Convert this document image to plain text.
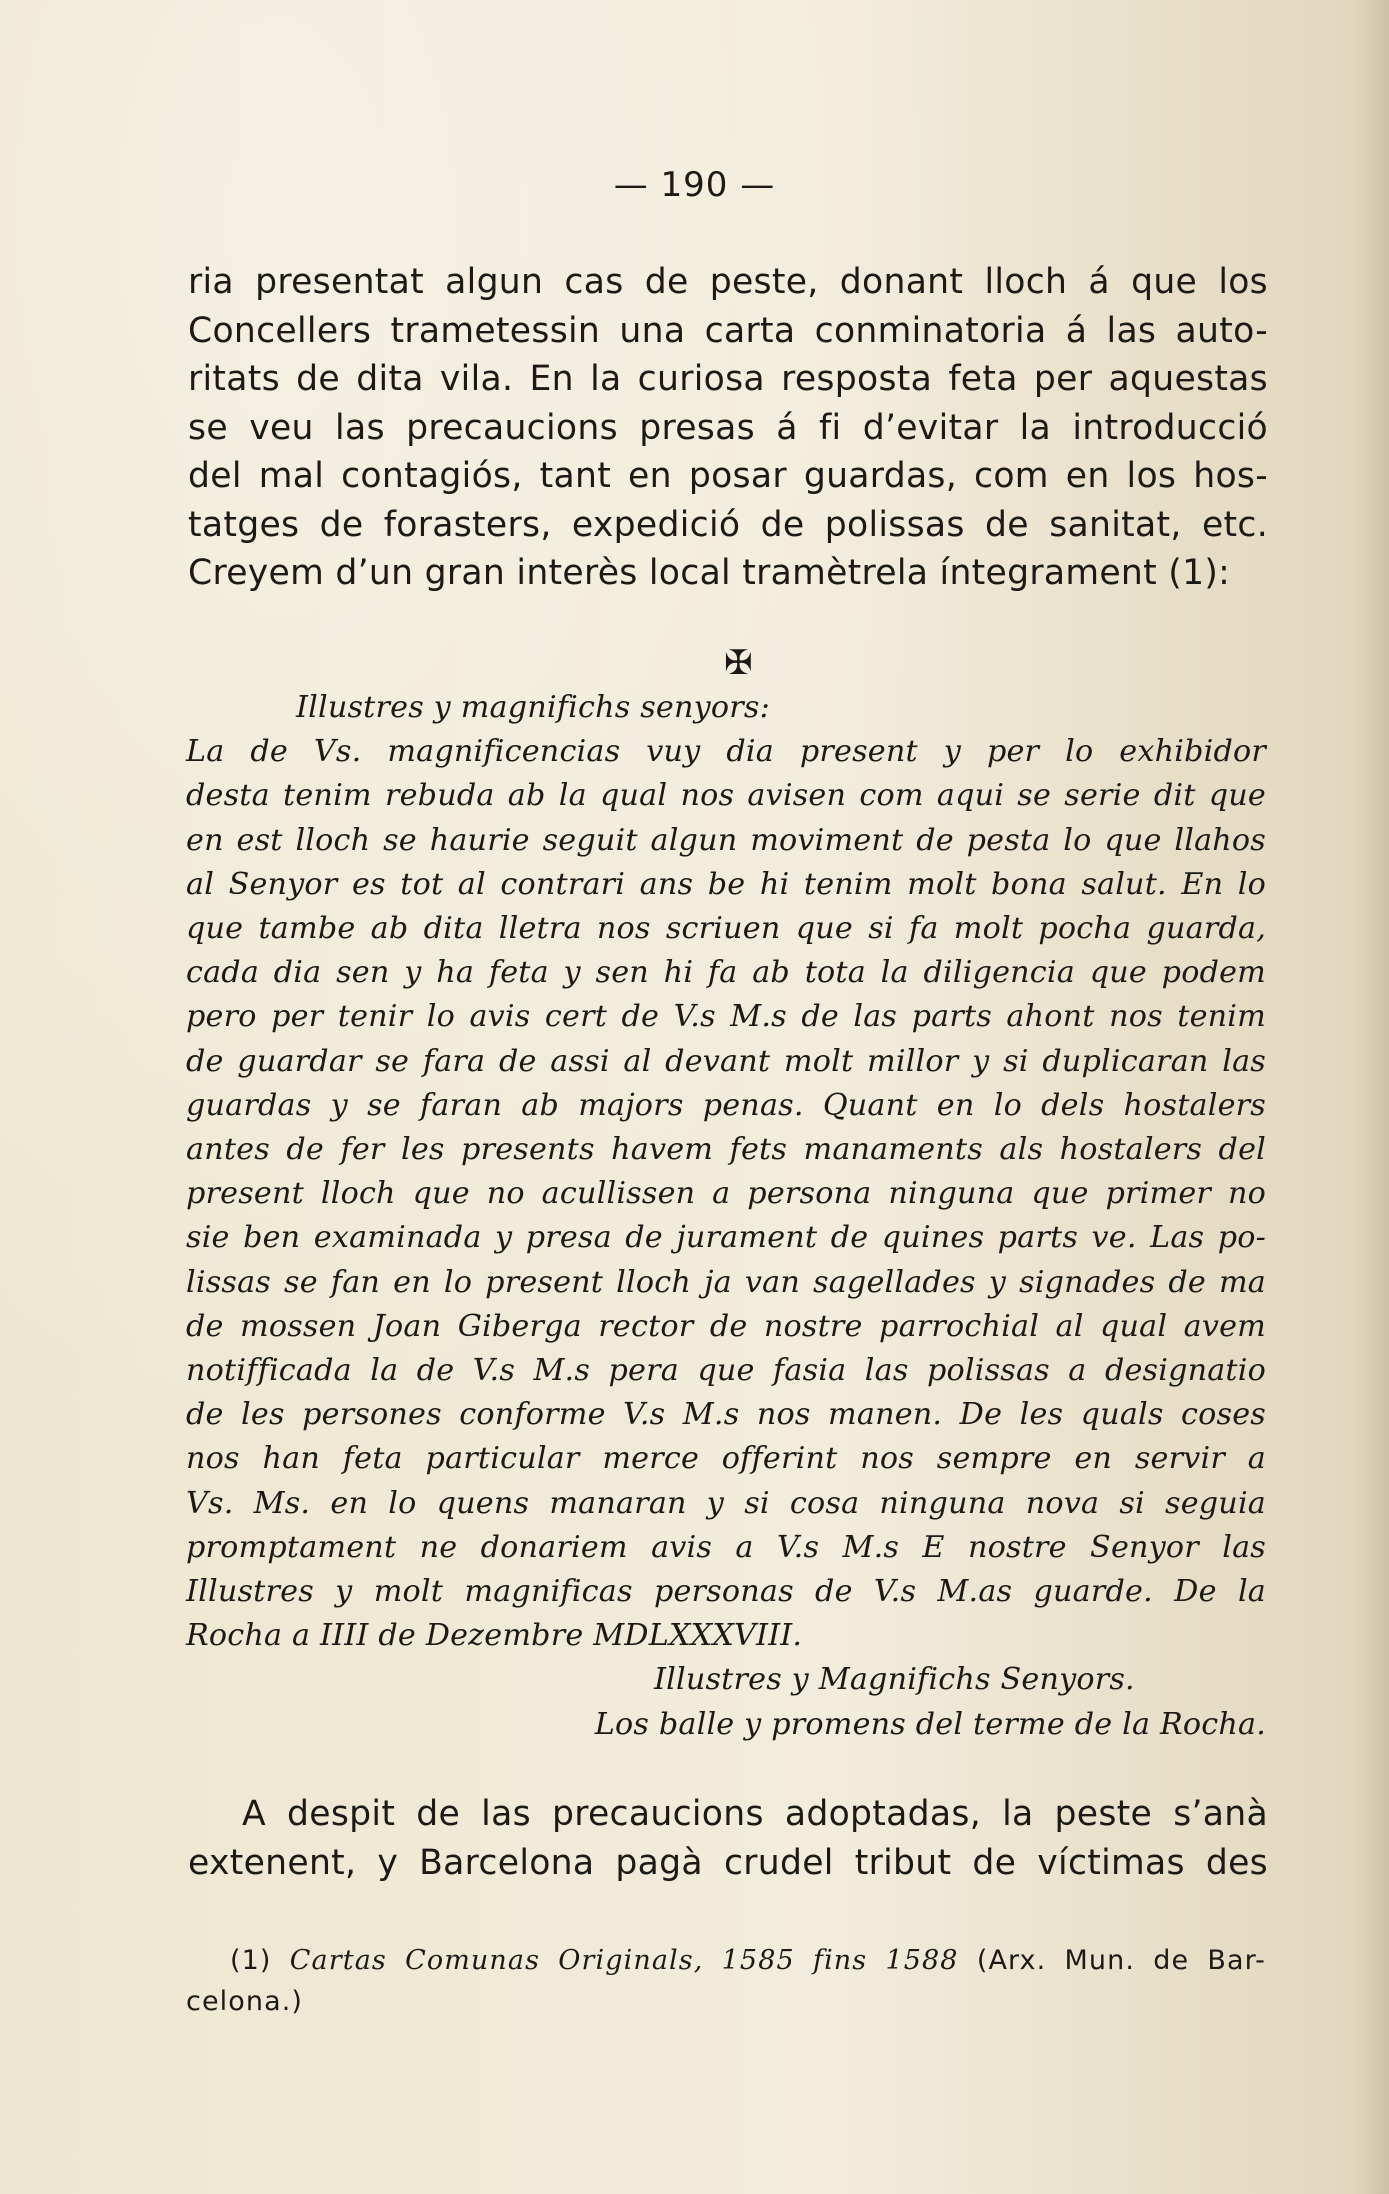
— 190 —
ria presentat algun cas de peste, donant lloch á que los
Concellers trametessin una carta conminatoria á las auto-
ritats de dita vila. En la curiosa resposta feta per aquestas
se veu las precaucions presas á fi d’evitar la introducció
del mal contagiós, tant en posar guardas, com en los hos-
tatges de forasters, expedició de polissas de sanitat, etc.
Creyem d’un gran interès local tramètrela íntegrament (1):
✠
Illustres y magnifichs senyors:
La de Vs. magnificencias vuy dia present y per lo exhibidor
desta tenim rebuda ab la qual nos avisen com aqui se serie dit que
en est lloch se haurie seguit algun moviment de pesta lo que llahos
al Senyor es tot al contrari ans be hi tenim molt bona salut. En lo
que tambe ab dita lletra nos scriuen que si fa molt pocha guarda,
cada dia sen y ha feta y sen hi fa ab tota la diligencia que podem
pero per tenir lo avis cert de V.s M.s de las parts ahont nos tenim
de guardar se fara de assi al devant molt millor y si duplicaran las
guardas y se faran ab majors penas. Quant en lo dels hostalers
antes de fer les presents havem fets manaments als hostalers del
present lloch que no acullissen a persona ninguna que primer no
sie ben examinada y presa de jurament de quines parts ve. Las po-
lissas se fan en lo present lloch ja van sagellades y signades de ma
de mossen Joan Giberga rector de nostre parrochial al qual avem
notifficada la de V.s M.s pera que fasia las polissas a designatio
de les persones conforme V.s M.s nos manen. De les quals coses
nos han feta particular merce offerint nos sempre en servir a
Vs. Ms. en lo quens manaran y si cosa ninguna nova si seguia
promptament ne donariem avis a V.s M.s E nostre Senyor las
Illustres y molt magnificas personas de V.s M.as guarde. De la
Rocha a IIII de Dezembre MDLXXXVIII.
Illustres y Magnifichs Senyors.
Los balle y promens del terme de la Rocha.
A despit de las precaucions adoptadas, la peste s’anà
extenent, y Barcelona pagà crudel tribut de víctimas des
(1) Cartas Comunas Originals, 1585 fins 1588 (Arx. Mun. de Bar-
celona.)
